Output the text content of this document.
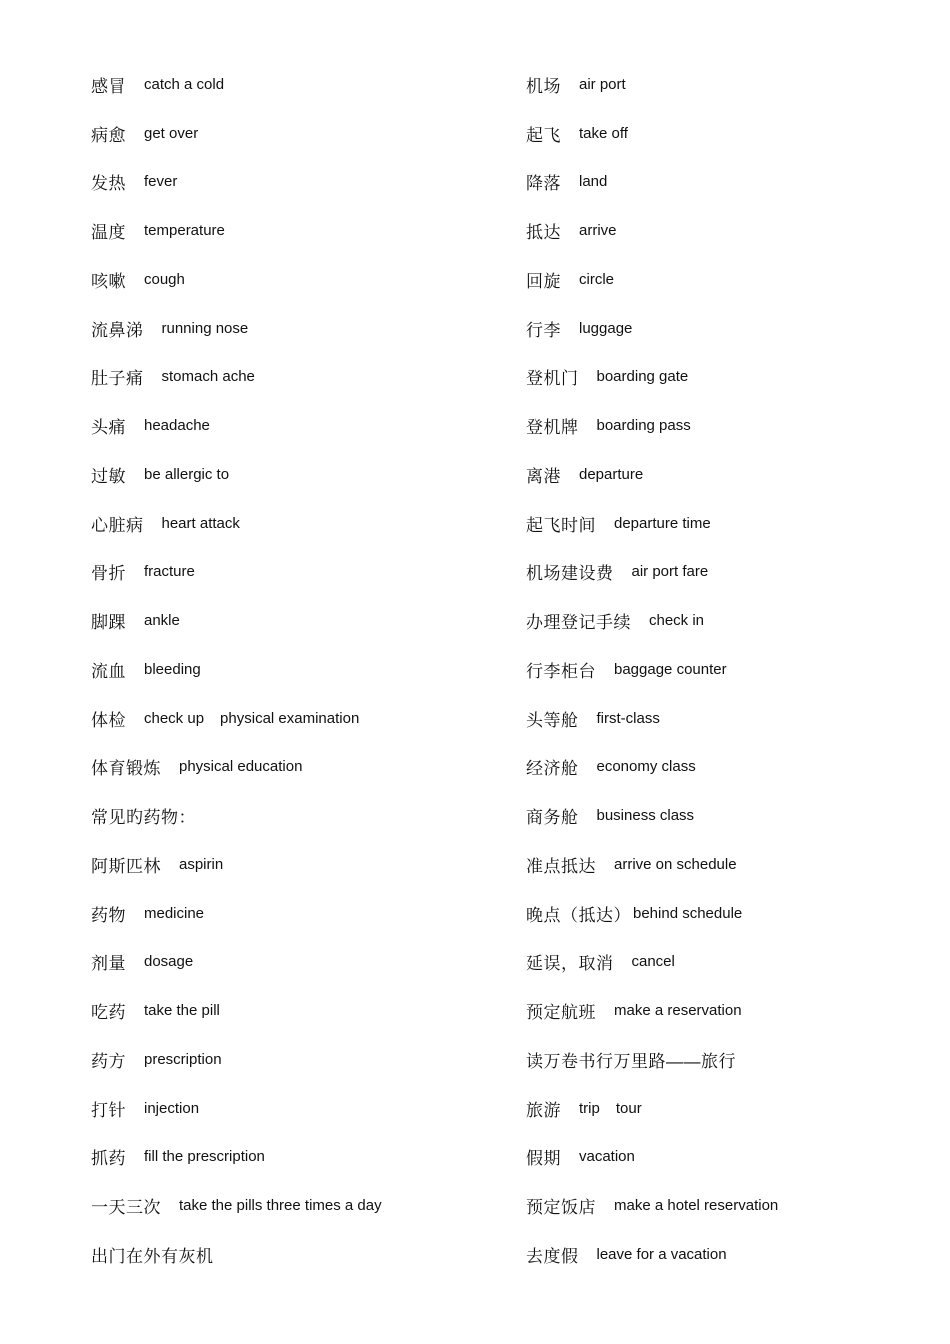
感冒 catch a cold
病愈 get over
发热 fever
温度 temperature
咳嗽 cough
流鼻涕 running nose
肚子痛 stomach ache
头痛 headache
过敏 be allergic to
心脏病 heart attack
骨折 fracture
脚踝 ankle
流血 bleeding
体检 check up physical examination
体育锻炼 physical education
常见旳药物：
阿斯匹林 aspirin
药物 medicine
剂量 dosage
吃药 take the pill
药方 prescription
打针 injection
抓药 fill the prescription
一天三次 take the pills three times a day
出门在外有灰机
机场 air port
起飞 take off
降落 land
抵达 arrive
回旋 circle
行李 luggage
登机门 boarding gate
登机牌 boarding pass
离港 departure
起飞时间 departure time
机场建设费 air port fare
办理登记手续 check in
行李柜台 baggage counter
头等舱 first-class
经济舱 economy class
商务舱 business class
准点抵达 arrive on schedule
晚点（抵达） behind schedule
延误，取消 cancel
预定航班 make a reservation
读万卷书行万里路——旅行
旅游 trip tour
假期 vacation
预定饭店 make a hotel reservation
去度假 leave for a vacation
